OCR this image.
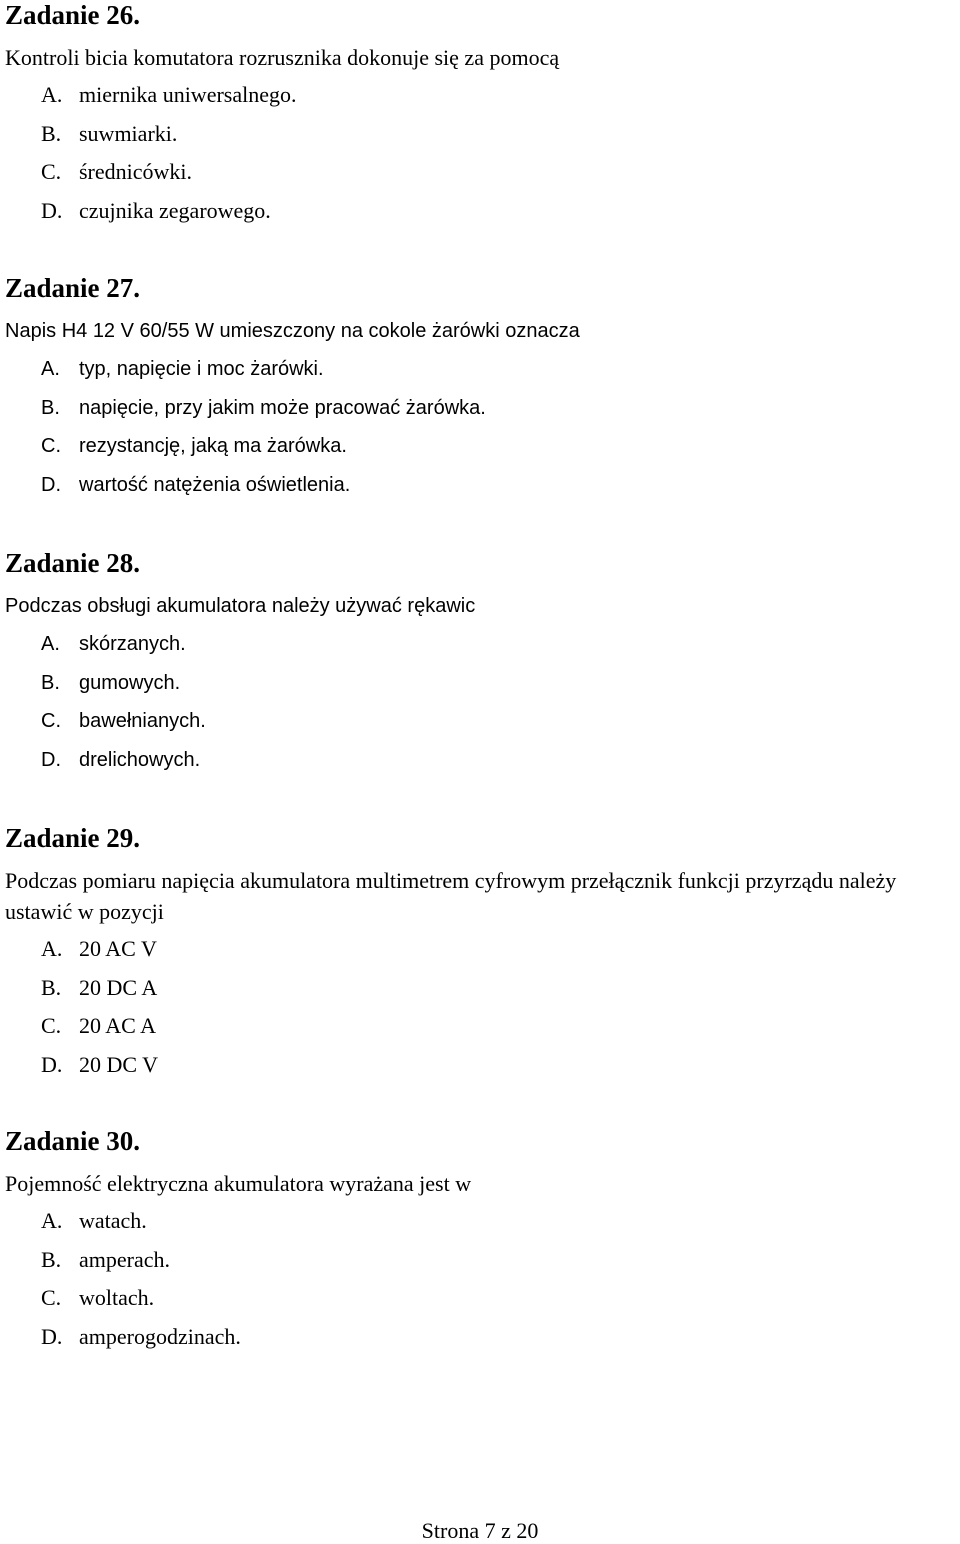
Zadanie 26.

Kontroli bicia komutatora rozrusznika dokonuje się za pomocą

A. miernika uniwersalnego.
B. suwmiarki.
C. średnicówki.
D. czujnika zegarowego.
Zadanie 27.

Napis H4 12 V 60/55 W umieszczony na cokole żarówki oznacza

A. typ, napięcie i moc żarówki.
B. napięcie, przy jakim może pracować żarówka.
C. rezystancję, jaką ma żarówka.
D. wartość natężenia oświetlenia.
Zadanie 28.

Podczas obsługi akumulatora należy używać rękawic

A. skórzanych.
B. gumowych.
C. bawełnianych.
D. drelichowych.
Zadanie 29.

Podczas pomiaru napięcia akumulatora multimetrem cyfrowym przełącznik funkcji przyrządu należy ustawić w pozycji

A. 20 AC V
B. 20 DC A
C. 20 AC A
D. 20 DC V
Zadanie 30.

Pojemność elektryczna akumulatora wyrażana jest w

A. watach.
B. amperach.
C. woltach.
D. amperogodzinach.
Strona 7 z 20
